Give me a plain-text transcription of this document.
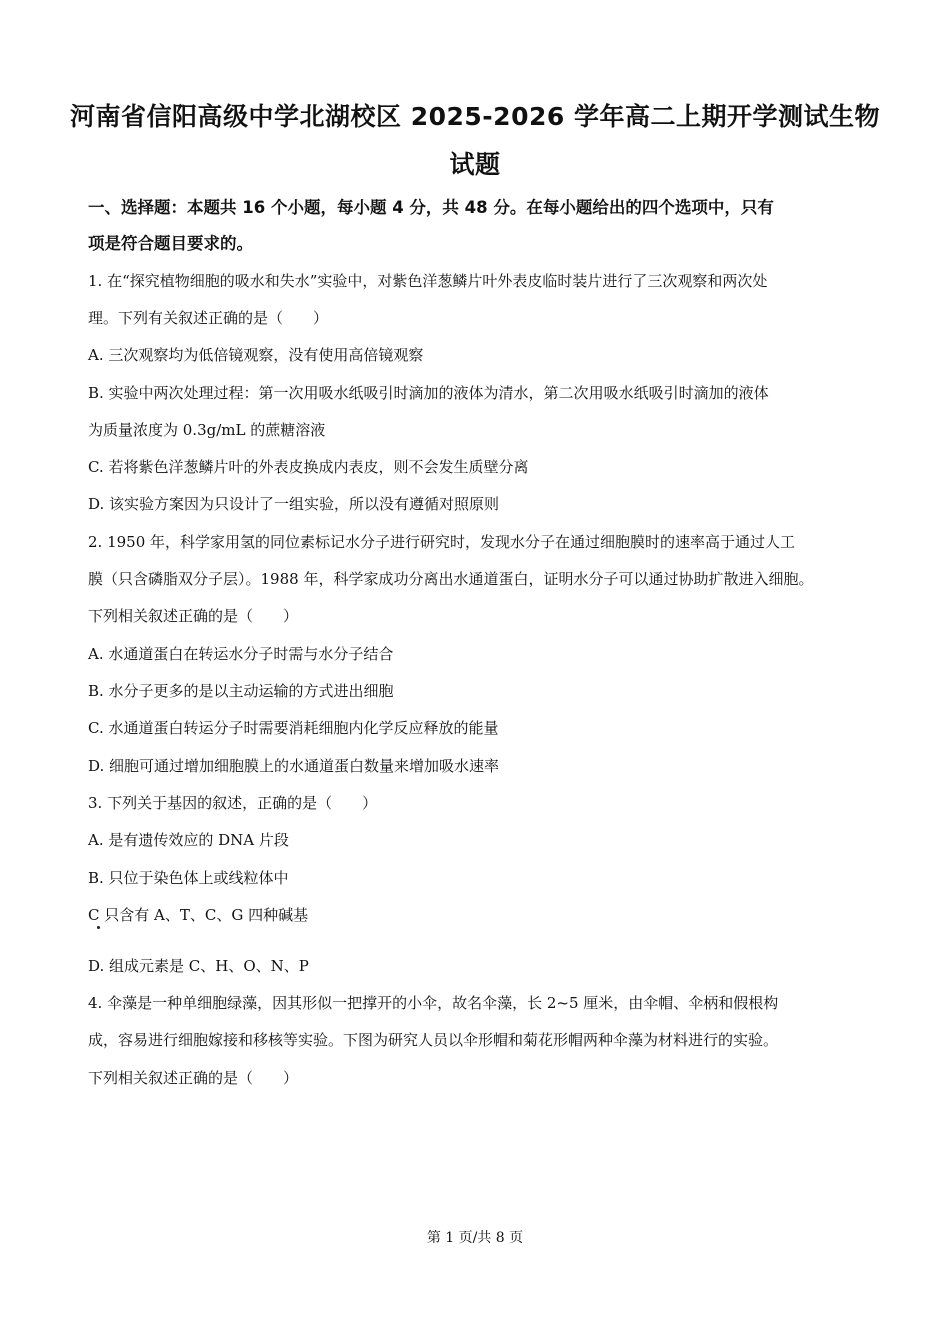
河南省信阳高级中学北湖校区 2025-2026 学年高二上期开学测试生物
试题
一、选择题：本题共 16 个小题，每小题 4 分，共 48 分。在每小题给出的四个选项中，只有
项是符合题目要求的。
1. 在“探究植物细胞的吸水和失水”实验中，对紫色洋葱鳞片叶外表皮临时装片进行了三次观察和两次处
理。下列有关叙述正确的是（　　）
A. 三次观察均为低倍镜观察，没有使用高倍镜观察
B. 实验中两次处理过程：第一次用吸水纸吸引时滴加的液体为清水，第二次用吸水纸吸引时滴加的液体
为质量浓度为 0.3g/mL 的蔗糖溶液
C. 若将紫色洋葱鳞片叶的外表皮换成内表皮，则不会发生质壁分离
D. 该实验方案因为只设计了一组实验，所以没有遵循对照原则
2. 1950 年，科学家用氢的同位素标记水分子进行研究时，发现水分子在通过细胞膜时的速率高于通过人工
膜（只含磷脂双分子层）。1988 年，科学家成功分离出水通道蛋白，证明水分子可以通过协助扩散进入细胞。
下列相关叙述正确的是（　　）
A. 水通道蛋白在转运水分子时需与水分子结合
B. 水分子更多的是以主动运输的方式进出细胞
C. 水通道蛋白转运分子时需要消耗细胞内化学反应释放的能量
D. 细胞可通过增加细胞膜上的水通道蛋白数量来增加吸水速率
3. 下列关于基因的叙述，正确的是（　　）
A. 是有遗传效应的 DNA 片段
B. 只位于染色体上或线粒体中
C 只含有 A、T、C、G 四种碱基
D. 组成元素是 C、H、O、N、P
4. 伞藻是一种单细胞绿藻，因其形似一把撑开的小伞，故名伞藻，长 2~5 厘米，由伞帽、伞柄和假根构
成，容易进行细胞嫁接和移核等实验。下图为研究人员以伞形帽和菊花形帽两种伞藻为材料进行的实验。
下列相关叙述正确的是（　　）
第 1 页/共 8 页
